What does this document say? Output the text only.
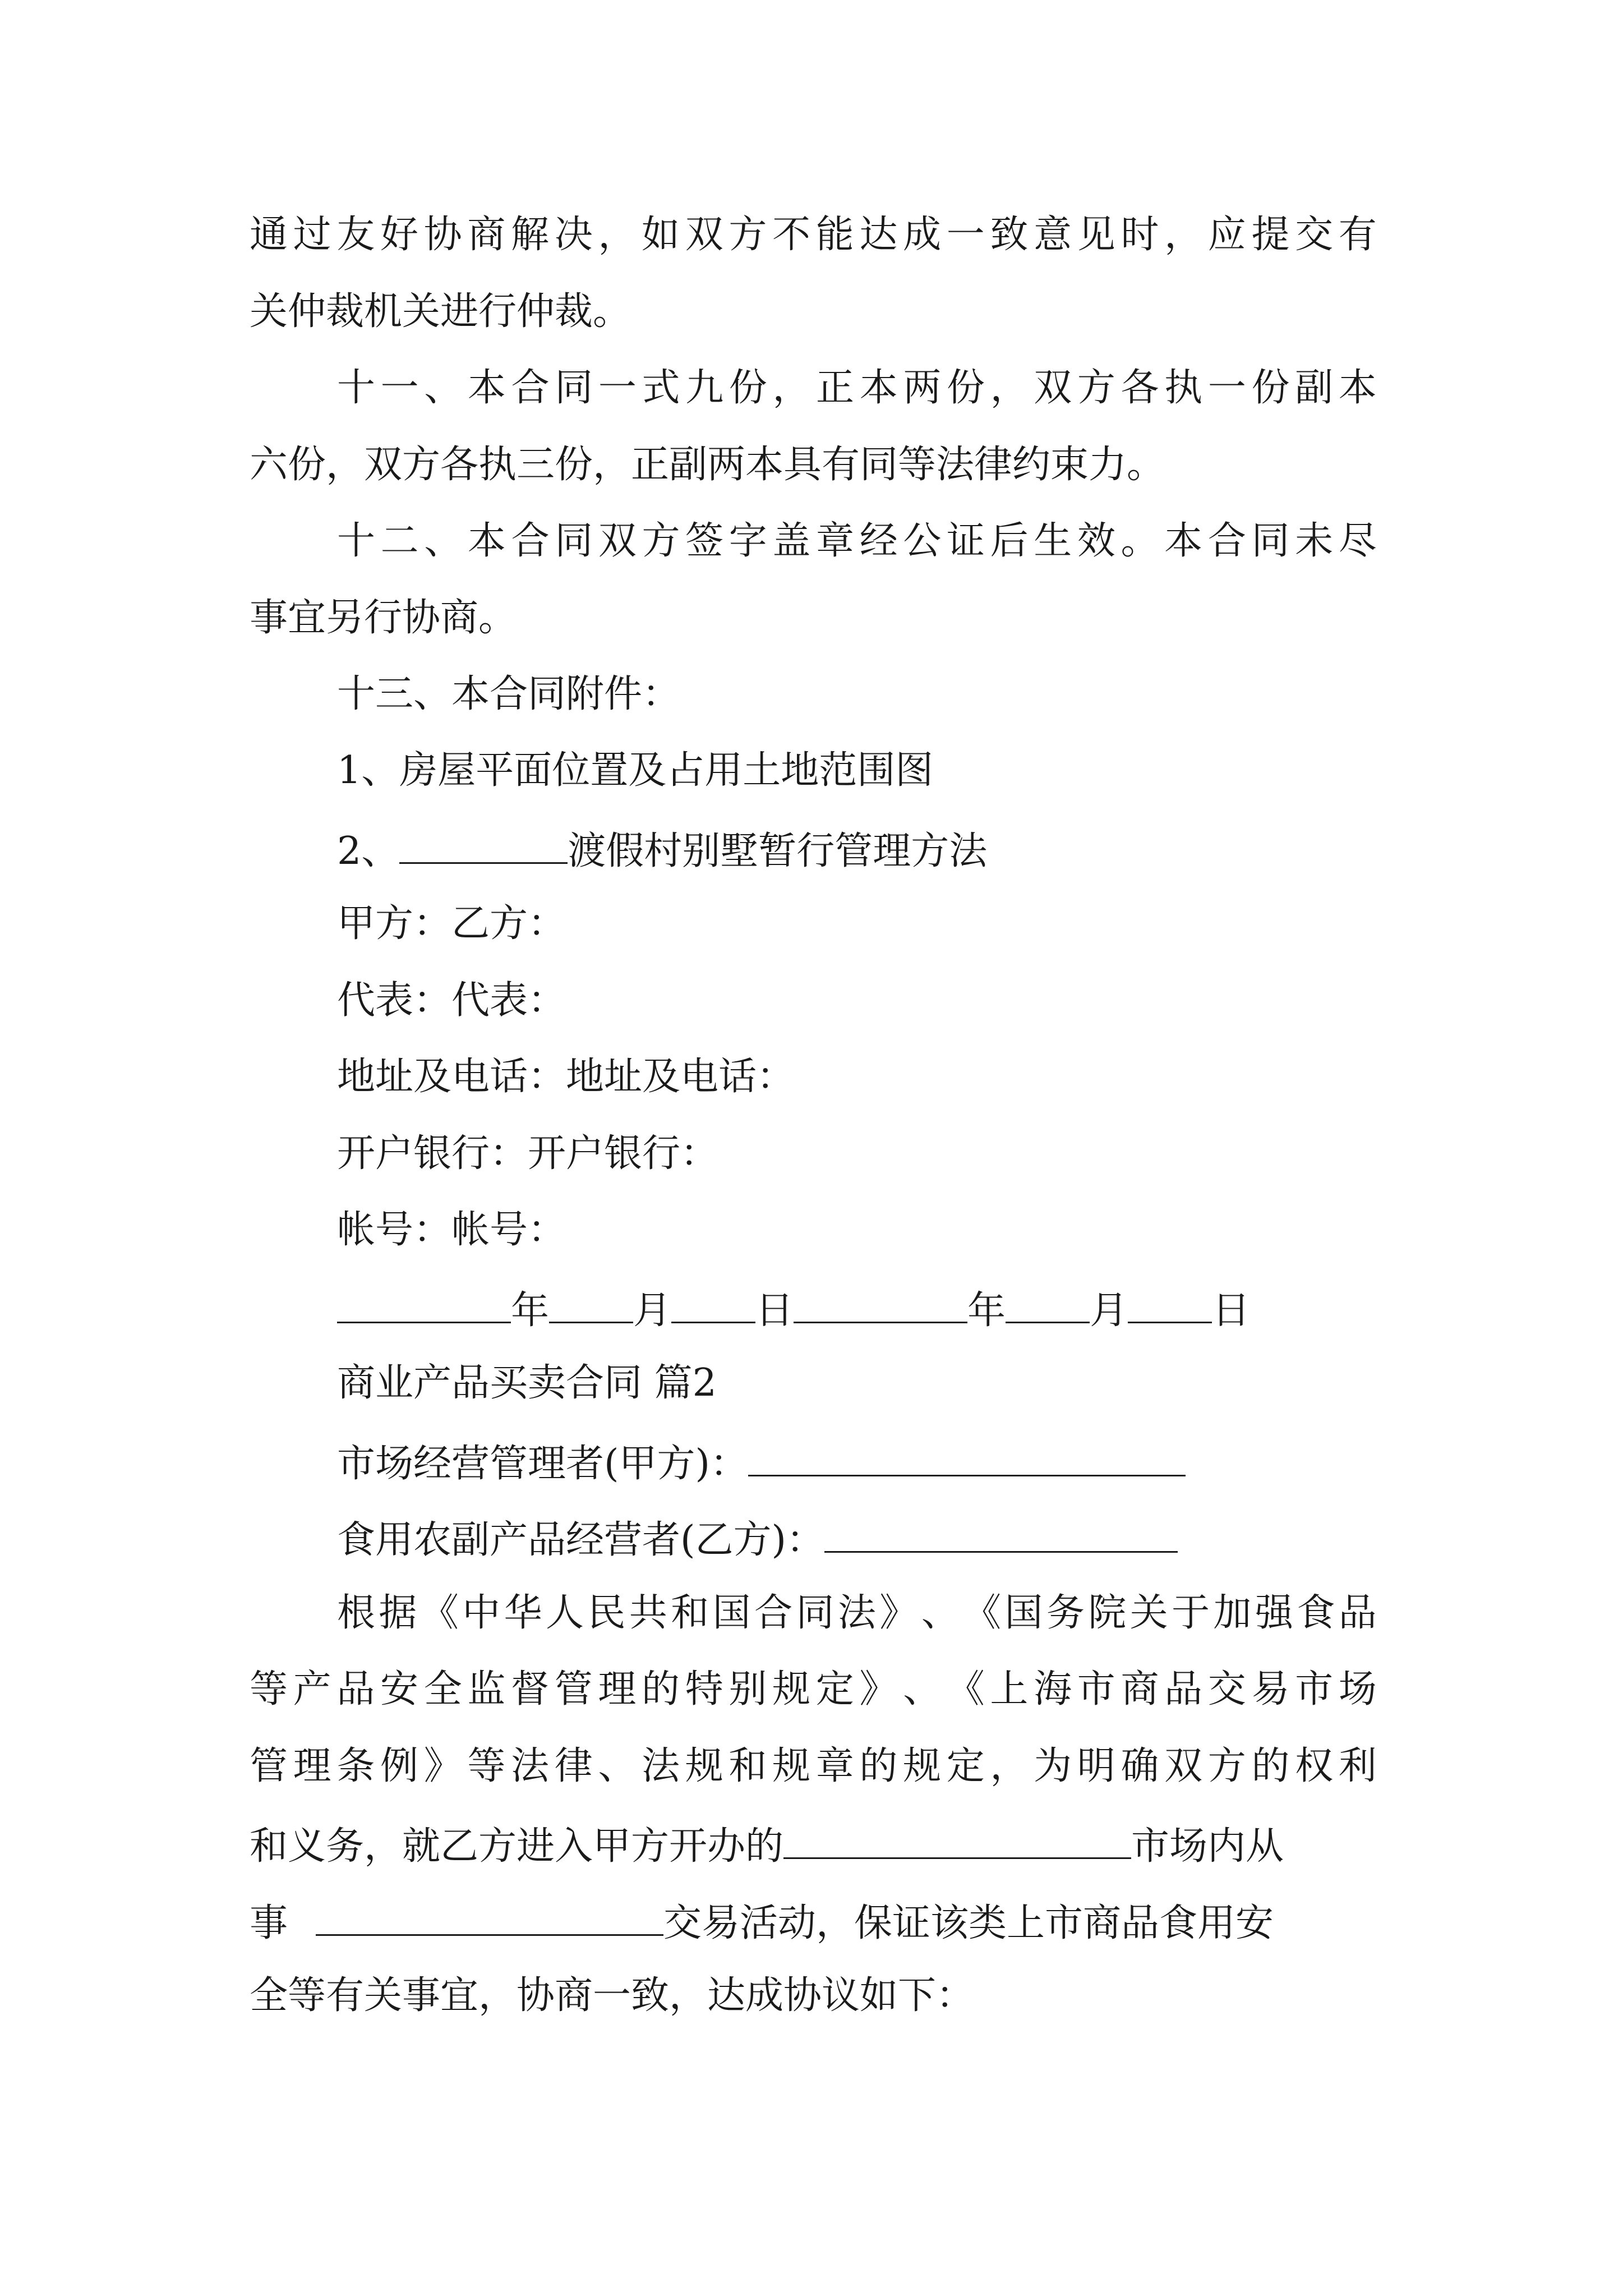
通 过 友 好 协 商 解 决 ， 如 双 方 不 能 达 成 一 致 意 见 时 ， 应 提 交 有
关仲裁机关进行仲裁。
十 一 、 本 合 同 一 式 九 份 ， 正 本 两 份 ， 双 方 各 执 一 份 副 本
六份，双方各执三份，正副两本具有同等法律约束力。
十 二 、 本 合 同 双 方 签 字 盖 章 经 公 证 后 生 效 。 本 合 同 未 尽
事宜另行协商。
十三、本合同附件：
1、房屋平面位置及占用土地范围图
2、	渡假村别墅暂行管理方法
甲方：乙方：
代表：代表：
地址及电话：地址及电话：
开户银行：开户银行：
帐号：帐号：
年 月 日	年 月 日
商业产品买卖合同 篇2
市场经营管理者(甲方)：
食用农副产品经营者(乙方)：
根 据 《 中 华 人 民 共 和 国 合 同 法 》 、 《 国 务 院 关 于 加 强 食 品
等 产 品 安 全 监 督 管 理 的 特 别 规 定 》 、 《 上 海 市 商 品 交 易 市 场
管 理 条 例 》 等 法 律 、 法 规 和 规 章 的 规 定 ， 为 明 确 双 方 的 权 利
和义务，就乙方进入甲方开办的	市场内从
事	交易活动，保证该类上市商品食用安
全等有关事宜，协商一致，达成协议如下：
